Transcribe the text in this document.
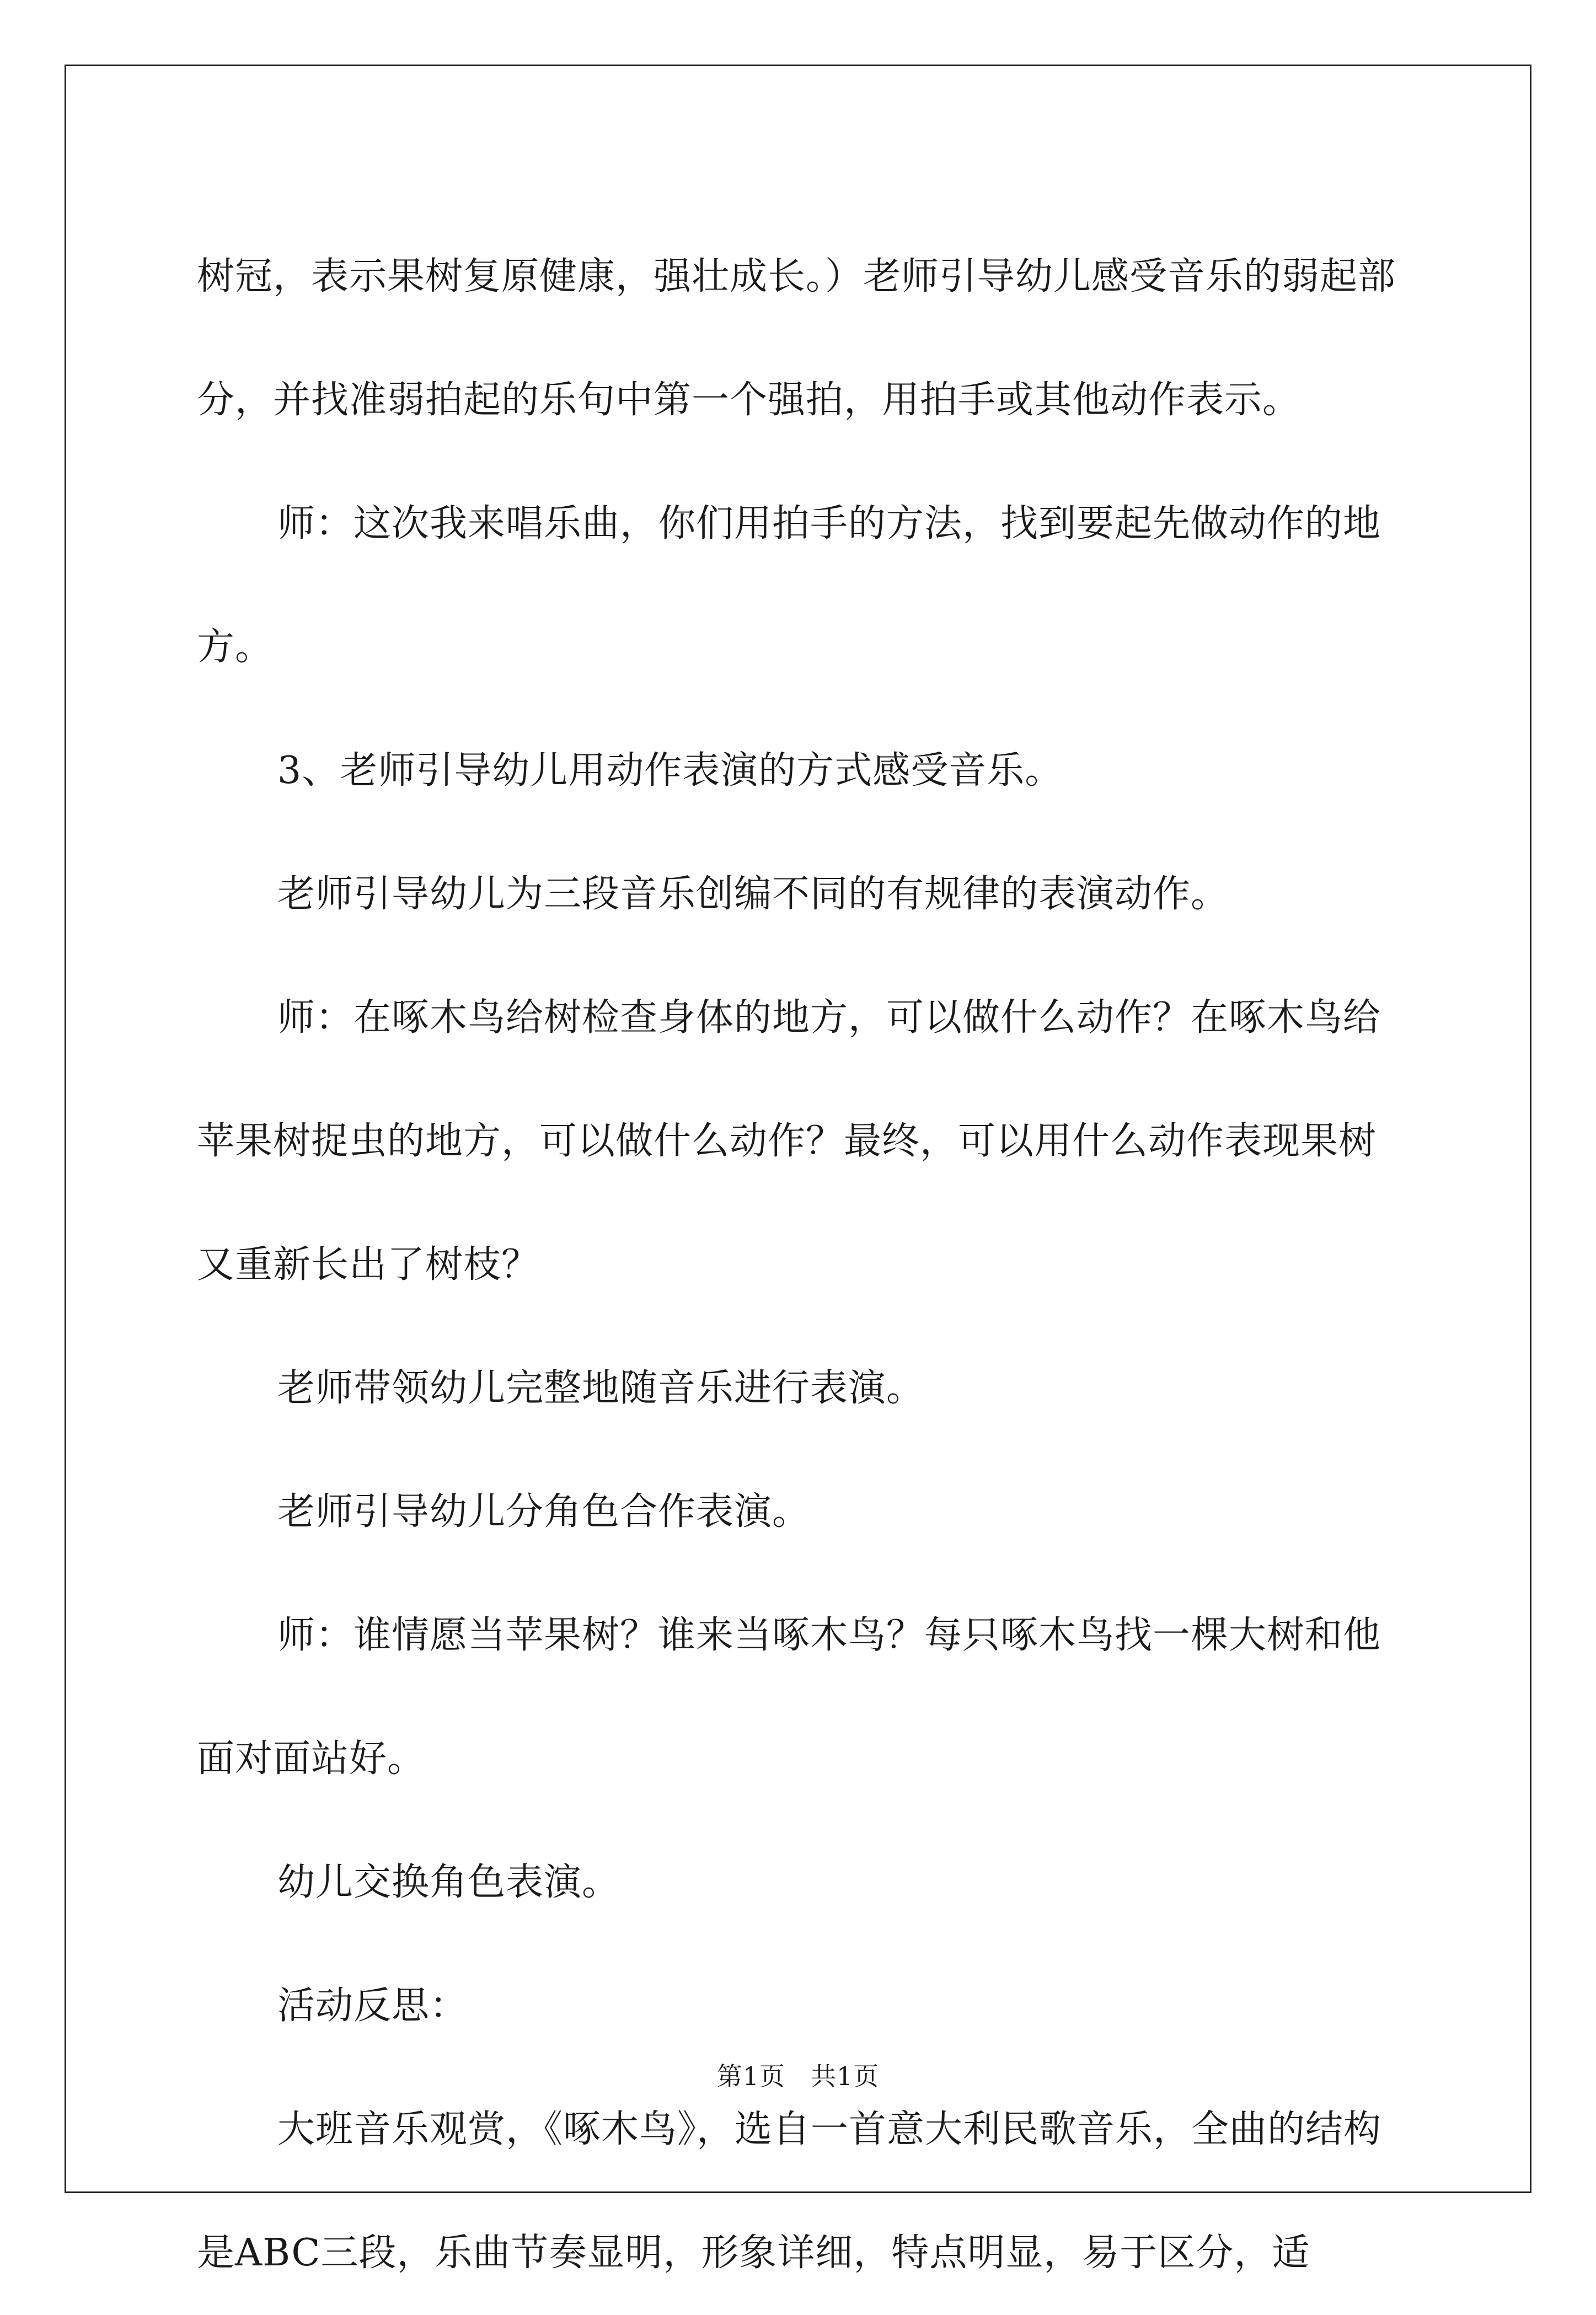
树冠，表示果树复原健康，强壮成长。）老师引导幼儿感受音乐的弱起部分，并找准弱拍起的乐句中第一个强拍，用拍手或其他动作表示。

师：这次我来唱乐曲，你们用拍手的方法，找到要起先做动作的地方。

3、老师引导幼儿用动作表演的方式感受音乐。

老师引导幼儿为三段音乐创编不同的有规律的表演动作。

师：在啄木鸟给树检查身体的地方，可以做什么动作？在啄木鸟给苹果树捉虫的地方，可以做什么动作？最终，可以用什么动作表现果树又重新长出了树枝？

老师带领幼儿完整地随音乐进行表演。

老师引导幼儿分角色合作表演。

师：谁情愿当苹果树？谁来当啄木鸟？每只啄木鸟找一棵大树和他面对面站好。

幼儿交换角色表演。

活动反思：

大班音乐观赏，《啄木鸟》，选自一首意大利民歌音乐，全曲的结构是ABC三段，乐曲节奏显明，形象详细，特点明显，易于区分，适

第1页 共1页
